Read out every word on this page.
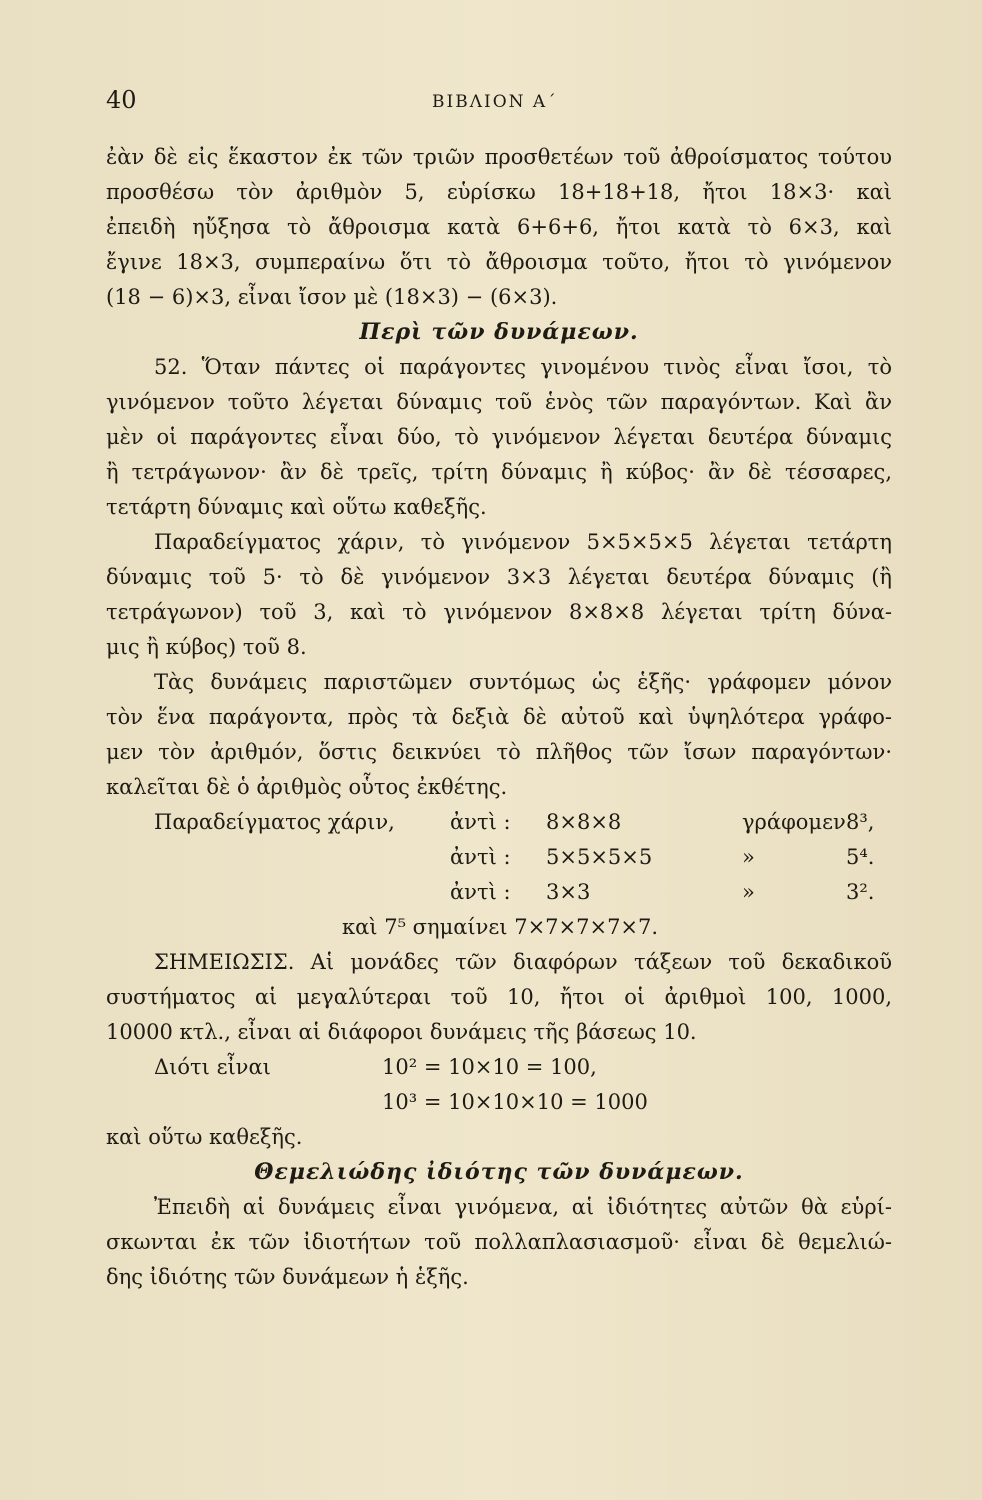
40	ΒΙΒΛΙΟΝ Α΄
ἐὰν δὲ εἰς ἕκαστον ἐκ τῶν τριῶν προσθετέων τοῦ ἀθροίσματος τούτου
προσθέσω τὸν ἀριθμὸν 5, εὑρίσκω 18+18+18, ἤτοι 18×3· καὶ
ἐπειδὴ ηὔξησα τὸ ἄθροισμα κατὰ 6+6+6, ἤτοι κατὰ τὸ 6×3, καὶ
ἔγινε 18×3, συμπεραίνω ὅτι τὸ ἄθροισμα τοῦτο, ἤτοι τὸ γινόμενον
(18 − 6)×3, εἶναι ἴσον μὲ (18×3) − (6×3).
Περὶ τῶν δυνάμεων.
52. Ὅταν πάντες οἱ παράγοντες γινομένου τινὸς εἶναι ἴσοι, τὸ
γινόμενον τοῦτο λέγεται δύναμις τοῦ ἑνὸς τῶν παραγόντων. Καὶ ἂν
μὲν οἱ παράγοντες εἶναι δύο, τὸ γινόμενον λέγεται δευτέρα δύναμις
ἢ τετράγωνον· ἂν δὲ τρεῖς, τρίτη δύναμις ἢ κύβος· ἂν δὲ τέσσαρες,
τετάρτη δύναμις καὶ οὕτω καθεξῆς.
Παραδείγματος χάριν, τὸ γινόμενον 5×5×5×5 λέγεται τετάρτη
δύναμις τοῦ 5· τὸ δὲ γινόμενον 3×3 λέγεται δευτέρα δύναμις (ἢ
τετράγωνον) τοῦ 3, καὶ τὸ γινόμενον 8×8×8 λέγεται τρίτη δύνα-
μις ἢ κύβος) τοῦ 8.
Τὰς δυνάμεις παριστῶμεν συντόμως ὡς ἑξῆς· γράφομεν μόνον
τὸν ἕνα παράγοντα, πρὸς τὰ δεξιὰ δὲ αὐτοῦ καὶ ὑψηλότερα γράφο-
μεν τὸν ἀριθμόν, ὅστις δεικνύει τὸ πλῆθος τῶν ἴσων παραγόντων·
καλεῖται δὲ ὁ ἀριθμὸς οὗτος ἐκθέτης.
Παραδείγματος χάριν,	ἀντὶ : 8×8×8	γράφομεν 8³,
ἀντὶ : 5×5×5×5	»	5⁴.
ἀντὶ : 3×3	»	3².
καὶ 7⁵ σημαίνει 7×7×7×7×7.
ΣΗΜΕΙΩΣΙΣ. Αἱ μονάδες τῶν διαφόρων τάξεων τοῦ δεκαδικοῦ
συστήματος αἱ μεγαλύτεραι τοῦ 10, ἤτοι οἱ ἀριθμοὶ 100, 1000,
10000 κτλ., εἶναι αἱ διάφοροι δυνάμεις τῆς βάσεως 10.
Διότι εἶναι	10² = 10×10 = 100,
10³ = 10×10×10 = 1000
καὶ οὕτω καθεξῆς.
Θεμελιώδης ἰδιότης τῶν δυνάμεων.
Ἐπειδὴ αἱ δυνάμεις εἶναι γινόμενα, αἱ ἰδιότητες αὐτῶν θὰ εὑρί-
σκωνται ἐκ τῶν ἰδιοτήτων τοῦ πολλαπλασιασμοῦ· εἶναι δὲ θεμελιώ-
δης ἰδιότης τῶν δυνάμεων ἡ ἑξῆς.
